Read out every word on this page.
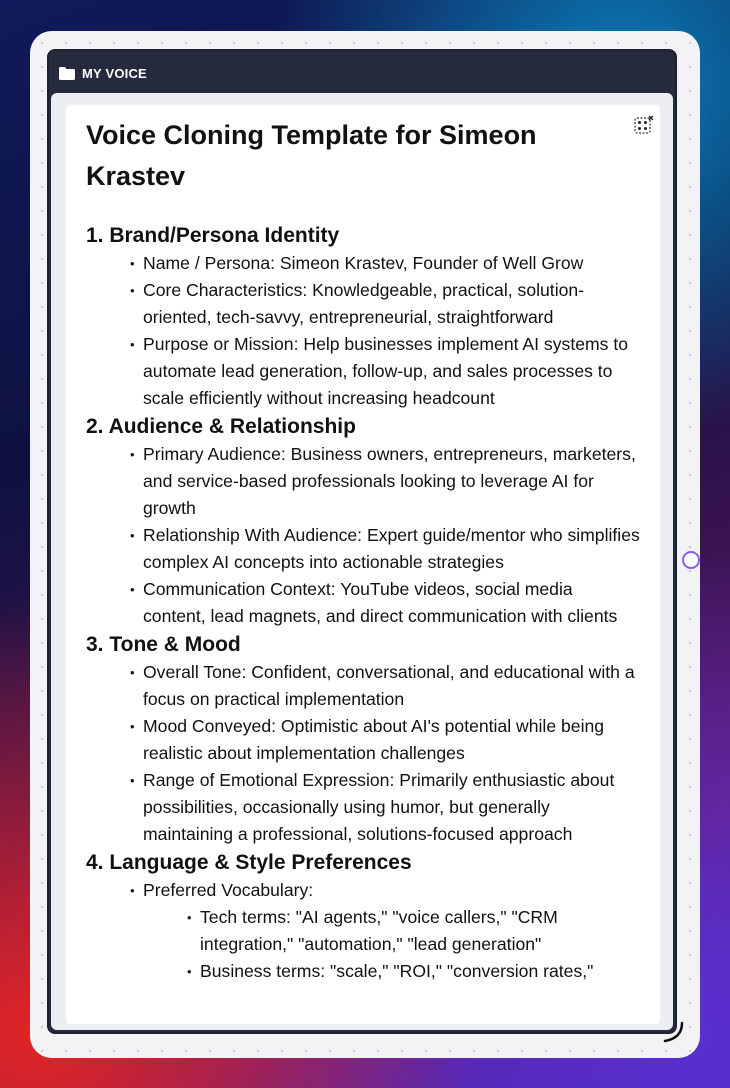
MY VOICE
Voice Cloning Template for Simeon Krastev
1. Brand/Persona Identity
• Name / Persona: Simeon Krastev, Founder of Well Grow
• Core Characteristics: Knowledgeable, practical, solution-oriented, tech-savvy, entrepreneurial, straightforward
• Purpose or Mission: Help businesses implement AI systems to automate lead generation, follow-up, and sales processes to scale efficiently without increasing headcount
2. Audience & Relationship
• Primary Audience: Business owners, entrepreneurs, marketers, and service-based professionals looking to leverage AI for growth
• Relationship With Audience: Expert guide/mentor who simplifies complex AI concepts into actionable strategies
• Communication Context: YouTube videos, social media content, lead magnets, and direct communication with clients
3. Tone & Mood
• Overall Tone: Confident, conversational, and educational with a focus on practical implementation
• Mood Conveyed: Optimistic about AI's potential while being realistic about implementation challenges
• Range of Emotional Expression: Primarily enthusiastic about possibilities, occasionally using humor, but generally maintaining a professional, solutions-focused approach
4. Language & Style Preferences
• Preferred Vocabulary:
• Tech terms: "AI agents," "voice callers," "CRM integration," "automation," "lead generation"
• Business terms: "scale," "ROI," "conversion rates,"
